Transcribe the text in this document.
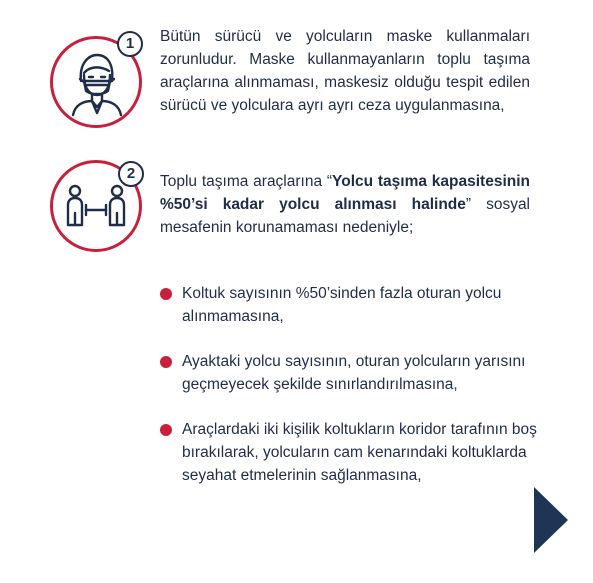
1	Bütün sürücü ve yolcuların maske kullanmaları zorunludur. Maske kullanmayanların toplu taşıma araçlarına alınmaması, maskesiz olduğu tespit edilen sürücü ve yolculara ayrı ayrı ceza uygulanmasına,
2	Toplu taşıma araçlarına “Yolcu taşıma kapasitesinin %50’si kadar yolcu alınması halinde” sosyal mesafenin korunamaması nedeniyle;
Koltuk sayısının %50’sinden fazla oturan yolcu alınmamasına,
Ayaktaki yolcu sayısının, oturan yolcuların yarısını geçmeyecek şekilde sınırlandırılmasına,
Araçlardaki iki kişilik koltukların koridor tarafının boş bırakılarak, yolcuların cam kenarındaki koltuklarda seyahat etmelerinin sağlanmasına,
